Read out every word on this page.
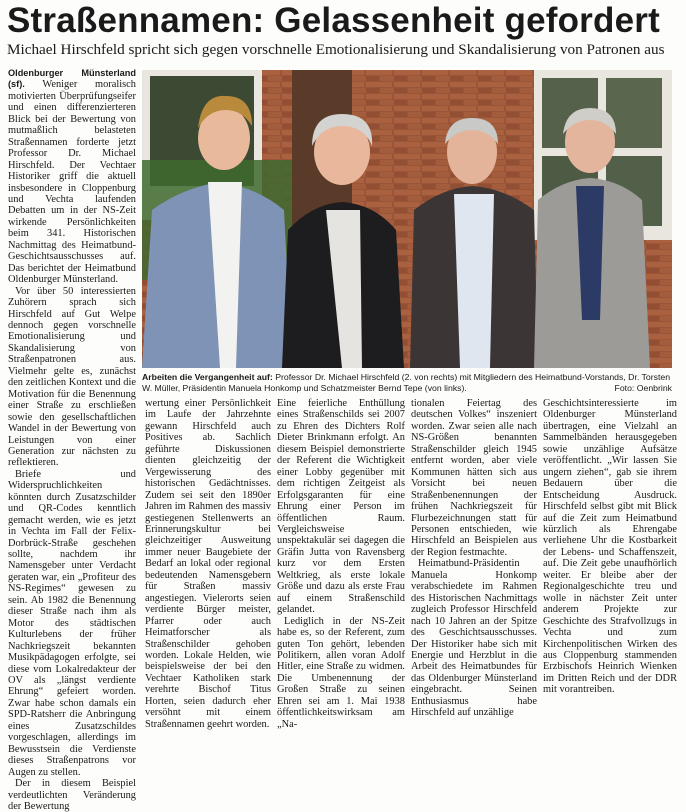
Straßennamen: Gelassenheit gefordert
Michael Hirschfeld spricht sich gegen vorschnelle Emotionalisierung und Skandalisierung von Patronen aus

Oldenburger Münsterland (sf). Weniger moralisch motivierten Überprüfungseifer und einen differenzierteren Blick bei der Bewertung von mutmaßlich belasteten Straßennamen forderte jetzt Professor Dr. Michael Hirschfeld. Der Vechtaer Historiker griff die aktuell insbesondere in Cloppenburg und Vechta laufenden Debatten um in der NS-Zeit wirkende Persönlichkeiten beim 341. Historischen Nachmittag des Heimatbund-Geschichtsausschusses auf. Das berichtet der Heimatbund Oldenburger Münsterland.

Vor über 50 interessierten Zuhörern sprach sich Hirschfeld auf Gut Welpe dennoch gegen vorschnelle Emotionalisierung und Skandalisierung von Straßenpatronen aus. Vielmehr gelte es, zunächst den zeitlichen Kontext und die Motivation für die Benennung einer Straße zu erschließen sowie den gesellschaftlichen Wandel in der Bewertung von Leistungen von einer Generation zur nächsten zu reflektieren.

Briefe und Widerspruchlichkeiten könnten durch Zusatzschilder und QR-Codes kenntlich gemacht werden, wie es jetzt in Vechta im Fall der Felix-Dorbrück-Straße geschehen sollte, nachdem ihr Namensgeber unter Verdacht geraten war, ein „Profiteur des NS-Regimes“ gewesen zu sein. Ab 1982 die Benennung dieser Straße nach ihm als Motor des städtischen Kulturlebens der früher Nachkriegszeit bekannten Musikpädagogen erfolgte, sei diese vom Lokalredakteur der OV als „längst verdiente Ehrung“ gefeiert worden. Zwar habe schon damals ein SPD-Ratsherr die Anbringung eines Zusatzschildes vorgeschlagen, allerdings im Bewusstsein die Verdienste dieses Straßenpatrons vor Augen zu stellen.

Der in diesem Beispiel verdeutlichten Veränderung der Bewertung

Arbeiten die Vergangenheit auf: Professor Dr. Michael Hirschfeld (2. von rechts) mit Mitgliedern des Heimatbund-Vorstands, Dr. Torsten W. Müller, Präsidentin Manuela Honkomp und Schatzmeister Bernd Tepe (von links).	Foto: Oenbrink

wertung einer Persönlichkeit im Laufe der Jahrzehnte gewann Hirschfeld auch Positives ab. Sachlich geführte Diskussionen dienten gleichzeitig der Vergewisserung des historischen Gedächtnisses. Zudem sei seit den 1890er Jahren im Rahmen des massiv gestiegenen Stellenwerts an Erinnerungskultur bei gleichzeitiger Ausweitung immer neuer Baugebiete der Bedarf an lokal oder regional bedeutenden Namensgebern für Straßen massiv angestiegen. Vielerorts seien verdiente Bürger meister, Pfarrer oder auch Heimatforscher als Straßenschilder gehoben worden. Lokale Helden, wie beispielsweise der bei den Vechtaer Katholiken stark verehrte Bischof Titus Horten, seien dadurch eher versöhnt mit einem Straßennamen geehrt worden.

Eine feierliche Enthüllung eines Straßenschilds sei 2007 zu Ehren des Dichters Rolf Dieter Brinkmann erfolgt. An diesem Beispiel demonstrierte der Referent die Wichtigkeit einer Lobby gegenüber mit dem richtigen Zeitgeist als Erfolgsgaranten für eine Ehrung einer Person im öffentlichen Raum. Vergleichsweise unspektakulär sei dagegen die Gräfin Jutta von Ravensberg kurz vor dem Ersten Weltkrieg, als erste lokale Größe und dazu als erste Frau auf einem Straßenschild gelandet.

Lediglich in der NS-Zeit habe es, so der Referent, zum guten Ton gehört, lebenden Politikern, allen voran Adolf Hitler, eine Straße zu widmen. Die Umbenennung der Großen Straße zu seinen Ehren sei am 1. Mai 1938 öffentlichkeitswirksam am „Na-

tionalen Feiertag des deutschen Volkes“ inszeniert worden. Zwar seien alle nach NS-Größen benannten Straßenschilder gleich 1945 entfernt worden, aber viele Kommunen hätten sich aus Vorsicht bei neuen Straßenbenennungen der frühen Nachkriegszeit für Flurbezeichnungen statt für Personen entschieden, wie Hirschfeld an Beispielen aus der Region festmachte.

Heimatbund-Präsidentin Manuela Honkomp verabschiedete im Rahmen des Historischen Nachmittags zugleich Professor Hirschfeld nach 10 Jahren an der Spitze des Geschichtsausschusses. Der Historiker habe sich mit Energie und Herzblut in die Arbeit des Heimatbundes für das Oldenburger Münsterland eingebracht. Seinen Enthusiasmus habe Hirschfeld auf unzählige

Geschichtsinteressierte im Oldenburger Münsterland übertragen, eine Vielzahl an Sammelbänden herausgegeben sowie unzählige Aufsätze veröffentlicht. „Wir lassen Sie ungern ziehen“, gab sie ihrem Bedauern über die Entscheidung Ausdruck. Hirschfeld selbst gibt mit Blick auf die Zeit zum Heimatbund kürzlich als Ehrengabe verliehene Uhr die Kostbarkeit der Lebens- und Schaffenszeit, auf. Die Zeit gebe unaufhörlich weiter. Er bleibe aber der Regionalgeschichte treu und wolle in nächster Zeit unter anderem Projekte zur Geschichte des Strafvollzugs in Vechta und zum Kirchenpolitischen Wirken des aus Cloppenburg stammenden Erzbischofs Heinrich Wienken im Dritten Reich und der DDR mit vorantreiben.
